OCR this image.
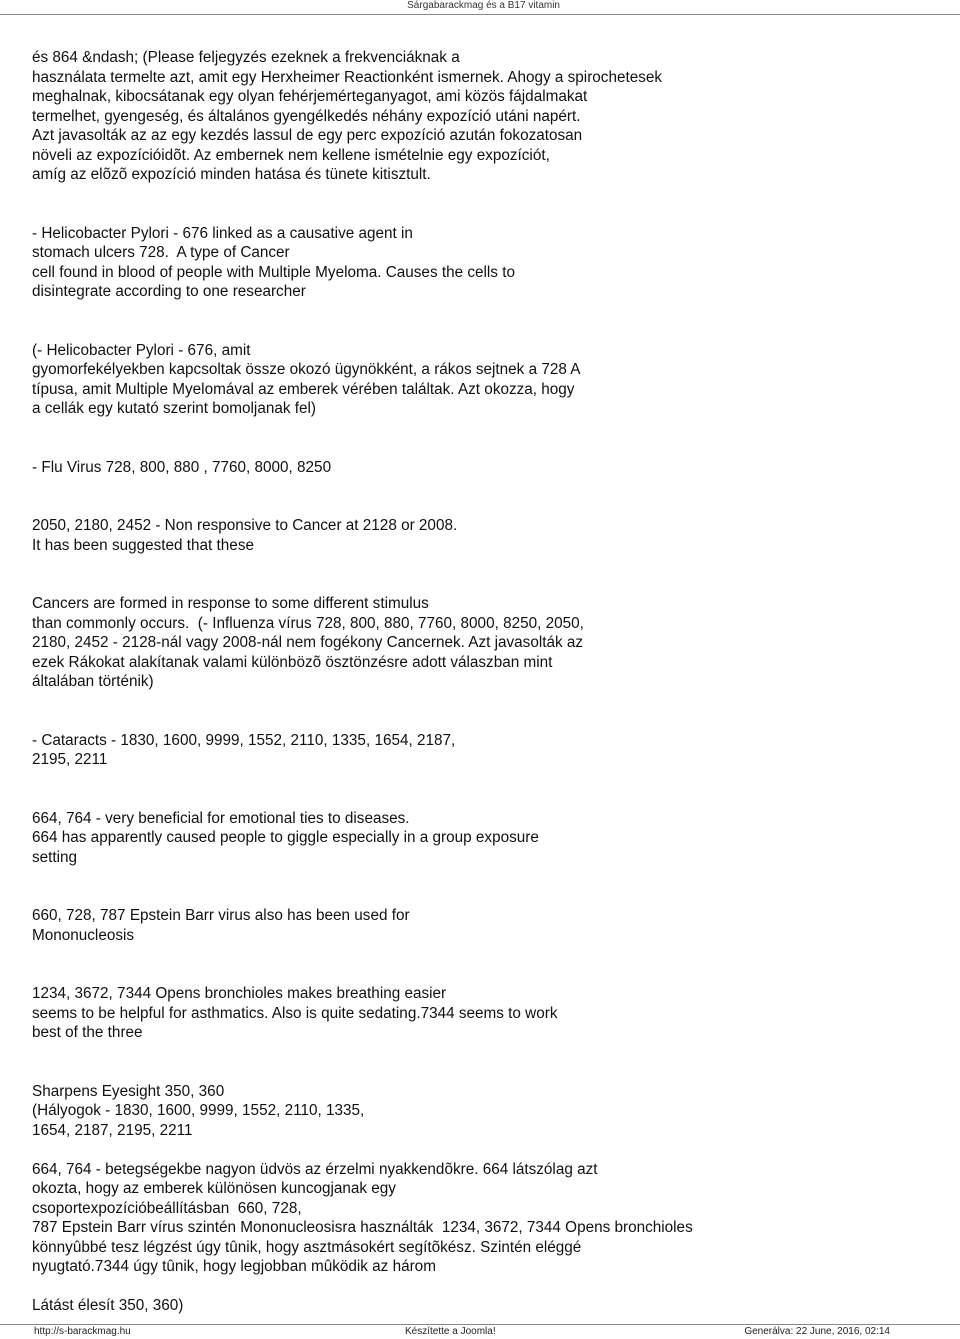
Sárgabarackmag és a B17 vitamin

és 864 &ndash; (Please feljegyzés ezeknek a frekvenciáknak a

használata termelte azt, amit egy Herxheimer Reactionként ismernek. Ahogy a spirochetesek

meghalnak, kibocsátanak egy olyan fehérjemérteganyagot, ami közös fájdalmakat

termelhet, gyengeség, és általános gyengélkedés néhány expozíció utáni napért.

Azt javasolták az az egy kezdés lassul de egy perc expozíció azután fokozatosan

növeli az expozícióidõt. Az embernek nem kellene ismételnie egy expozíciót,

amíg az elõzõ expozíció minden hatása és tünete kitisztult.

- Helicobacter Pylori - 676 linked as a causative agent in

stomach ulcers 728.  A type of Cancer

cell found in blood of people with Multiple Myeloma. Causes the cells to

disintegrate according to one researcher

(- Helicobacter Pylori - 676, amit

gyomorfekélyekben kapcsoltak össze okozó ügynökként, a rákos sejtnek a 728 A

típusa, amit Multiple Myelomával az emberek vérében találtak. Azt okozza, hogy

a cellák egy kutató szerint bomoljanak fel)

- Flu Virus 728, 800, 880 , 7760, 8000, 8250

2050, 2180, 2452 - Non responsive to Cancer at 2128 or 2008.

It has been suggested that these

Cancers are formed in response to some different stimulus

than commonly occurs.  (- Influenza vírus 728, 800, 880, 7760, 8000, 8250, 2050,

2180, 2452 - 2128-nál vagy 2008-nál nem fogékony Cancernek. Azt javasolták az

ezek Rákokat alakítanak valami különbözõ ösztönzésre adott válaszban mint

általában történik)

- Cataracts - 1830, 1600, 9999, 1552, 2110, 1335, 1654, 2187,

2195, 2211

664, 764 - very beneficial for emotional ties to diseases.

664 has apparently caused people to giggle especially in a group exposure

setting

660, 728, 787 Epstein Barr virus also has been used for

Mononucleosis

1234, 3672, 7344 Opens bronchioles makes breathing easier

seems to be helpful for asthmatics. Also is quite sedating.7344 seems to work

best of the three

Sharpens Eyesight 350, 360

(Hályogok - 1830, 1600, 9999, 1552, 2110, 1335,

1654, 2187, 2195, 2211

664, 764 - betegségekbe nagyon üdvös az érzelmi nyakkendõkre. 664 látszólag azt

okozta, hogy az emberek különösen kuncogjanak egy

csoportexpozícióbeállításban  660, 728,

787 Epstein Barr vírus szintén Mononucleosisra használták  1234, 3672, 7344 Opens bronchioles

könnyûbbé tesz légzést úgy tûnik, hogy asztmásokért segítõkész. Szintén eléggé

nyugtató.7344 úgy tûnik, hogy legjobban mûködik az három

Látást élesít 350, 360)

http://s-barackmag.hu	Készítette a Joomla!	Generálva: 22 June, 2016, 02:14
